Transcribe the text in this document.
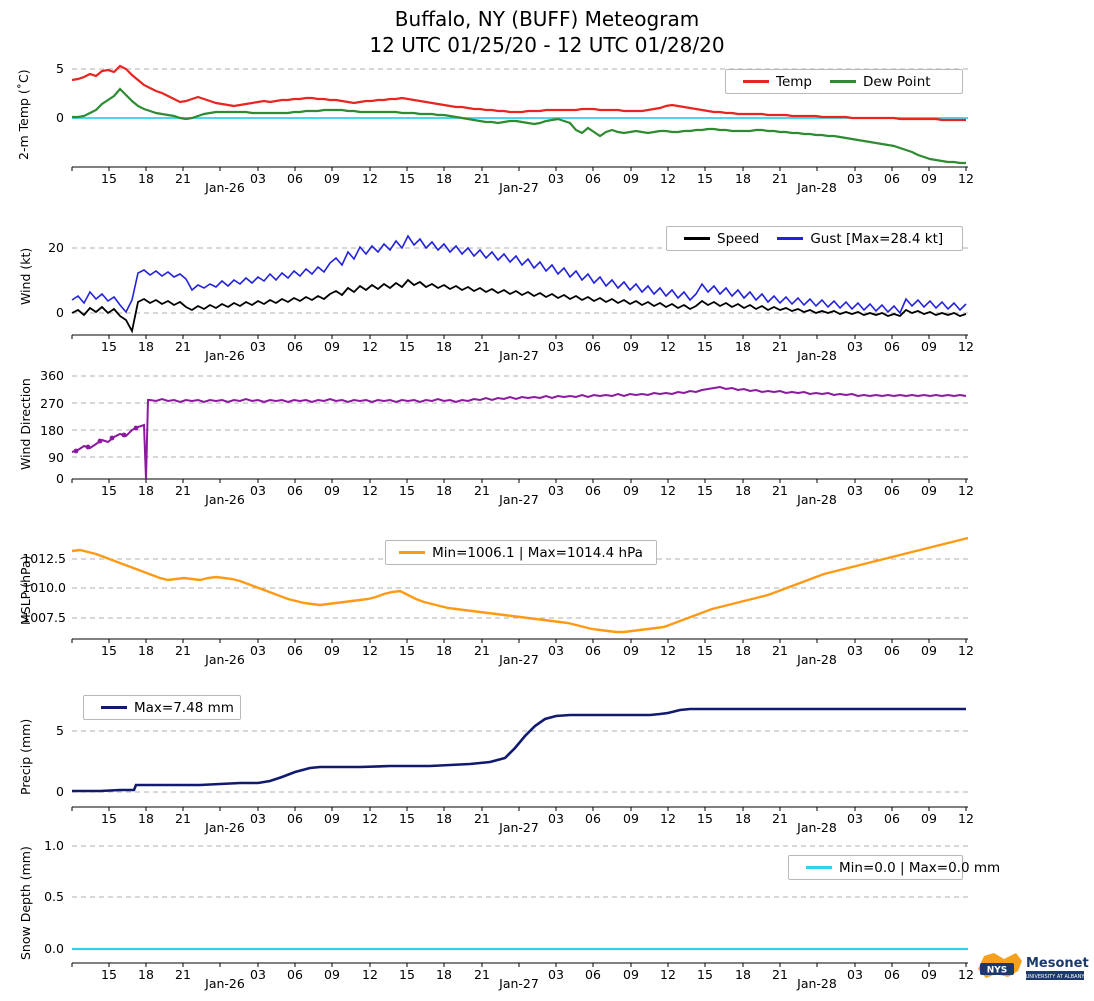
Buffalo, NY (BUFF) Meteogram
12 UTC 01/25/20 - 12 UTC 01/28/20
2-m Temp (˚C)
5
0
Temp	Dew Point
15	18	21
Jan-26
03	06	09	12	15	18	21
Jan-27
03	06	09	12	15	18	21
Jan-28
03	06	09	12
Wind (kt)
20
0
Speed	Gust [Max=28.4 kt]
15	18	21
Jan-26
03	06	09	12	15	18	21
Jan-27
03	06	09	12	15	18	21
Jan-28
03	06	09	12
Wind Direction
360
270
180
90
0
15	18	21
Jan-26
03	06	09	12	15	18	21
Jan-27
03	06	09	12	15	18	21
Jan-28
03	06	09	12
MSLP (hPa)
1012.5
1010.0
1007.5
Min=1006.1 | Max=1014.4 hPa
15	18	21
Jan-26
03	06	09	12	15	18	21
Jan-27
03	06	09	12	15	18	21
Jan-28
03	06	09	12
Precip (mm)	5
0
Max=7.48 mm
15	18	21
Jan-26
03	06	09	12	15	18	21
Jan-27
03	06	09	12	15	18	21
Jan-28
03	06	09	12
Snow Depth (mm)
1.0
0.5
0.0
Min=0.0 | Max=0.0 mm
15	18	21
Jan-26
03	06	09	12	15	18	21
Jan-27
03	06	09	12	15	18	21
Jan-28
03	06	09	12	NYS Mesonet
UNIVERSITY AT ALBANY
